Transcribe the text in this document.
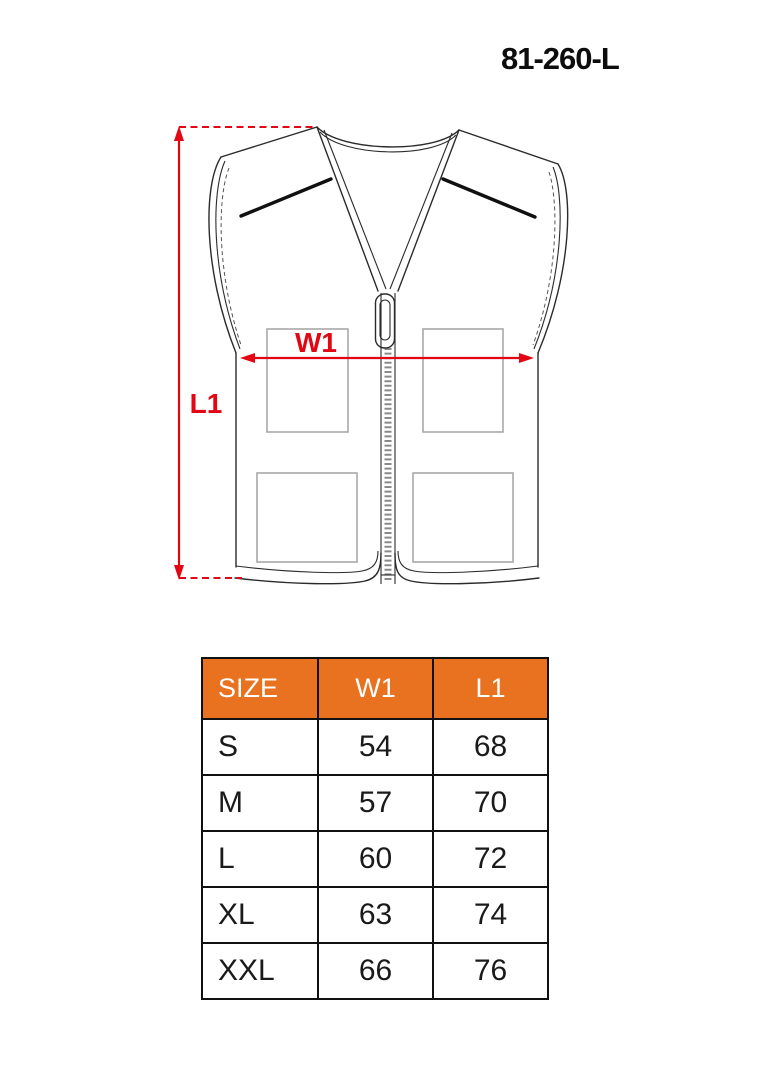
81-260-L
W1
L1
SIZE	W1	L1
S	54	68
M	57	70
L	60	72
XL	63	74
XXL	66	76
